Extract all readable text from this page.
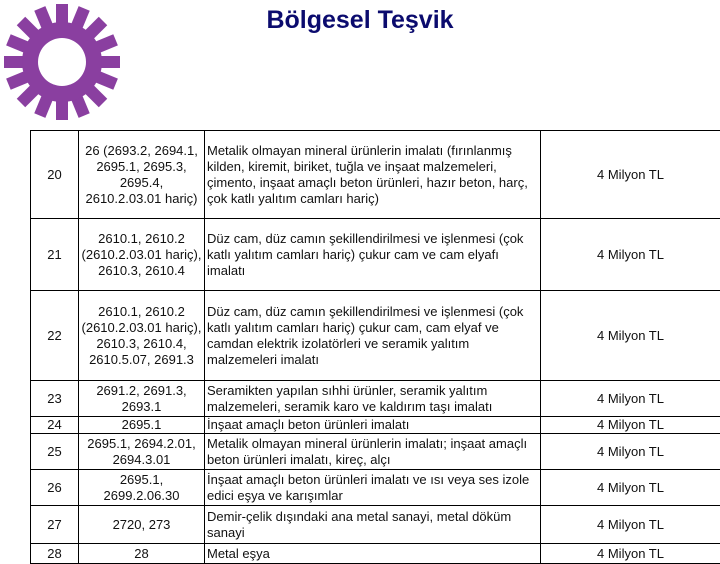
Bölgesel Teşvik
20	26 (2693.2, 2694.1, 2695.1, 2695.3, 2695.4, 2610.2.03.01 hariç)	Metalik olmayan mineral ürünlerin imalatı (fırınlanmış kilden, kiremit, biriket, tuğla ve inşaat malzemeleri, çimento, inşaat amaçlı beton ürünleri, hazır beton, harç, çok katlı yalıtım camları hariç)	4 Milyon TL
21	2610.1, 2610.2 (2610.2.03.01 hariç), 2610.3, 2610.4	Düz cam, düz camın şekillendirilmesi ve işlenmesi (çok katlı yalıtım camları hariç) çukur cam ve cam elyafı imalatı	4 Milyon TL
22	2610.1, 2610.2 (2610.2.03.01 hariç), 2610.3, 2610.4, 2610.5.07, 2691.3	Düz cam, düz camın şekillendirilmesi ve işlenmesi (çok katlı yalıtım camları hariç) çukur cam, cam elyaf ve camdan elektrik izolatörleri ve seramik yalıtım malzemeleri imalatı	4 Milyon TL
23	2691.2, 2691.3, 2693.1	Seramikten yapılan sıhhi ürünler, seramik yalıtım malzemeleri, seramik karo ve kaldırım taşı imalatı	4 Milyon TL
24	2695.1	İnşaat amaçlı beton ürünleri imalatı	4 Milyon TL
25	2695.1, 2694.2.01, 2694.3.01	Metalik olmayan mineral ürünlerin imalatı; inşaat amaçlı beton ürünleri imalatı, kireç, alçı	4 Milyon TL
26	2695.1, 2699.2.06.30	İnşaat amaçlı beton ürünleri imalatı ve ısı veya ses izole edici eşya ve karışımlar	4 Milyon TL
27	2720, 273	Demir-çelik dışındaki ana metal sanayi, metal döküm sanayi	4 Milyon TL
28	28	Metal eşya	4 Milyon TL
